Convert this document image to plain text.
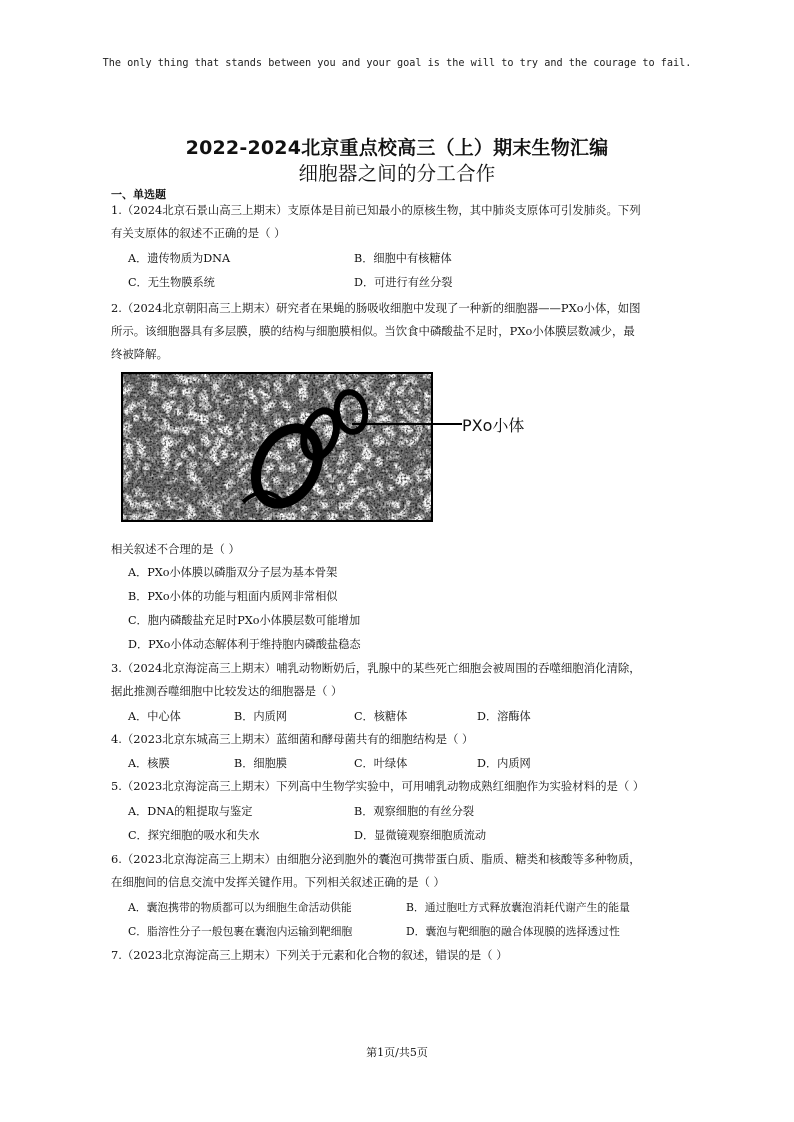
The only thing that stands between you and your goal is the will to try and the courage to fail.
2022-2024北京重点校高三（上）期末生物汇编
细胞器之间的分工合作
一、单选题
1.（2024北京石景山高三上期末）支原体是目前已知最小的原核生物，其中肺炎支原体可引发肺炎。下列
有关支原体的叙述不正确的是（ ）
A．遗传物质为DNA	B．细胞中有核糖体
C．无生物膜系统	D．可进行有丝分裂
2.（2024北京朝阳高三上期末）研究者在果蝇的肠吸收细胞中发现了一种新的细胞器——PXo小体，如图
所示。该细胞器具有多层膜，膜的结构与细胞膜相似。当饮食中磷酸盐不足时，PXo小体膜层数减少，最
终被降解。
PXo小体
相关叙述不合理的是（ ）
A．PXo小体膜以磷脂双分子层为基本骨架
B．PXo小体的功能与粗面内质网非常相似
C．胞内磷酸盐充足时PXo小体膜层数可能增加
D．PXo小体动态解体利于维持胞内磷酸盐稳态
3.（2024北京海淀高三上期末）哺乳动物断奶后，乳腺中的某些死亡细胞会被周围的吞噬细胞消化清除，
据此推测吞噬细胞中比较发达的细胞器是（ ）
A．中心体	B．内质网	C．核糖体	D．溶酶体
4.（2023北京东城高三上期末）蓝细菌和酵母菌共有的细胞结构是（ ）
A．核膜	B．细胞膜	C．叶绿体	D．内质网
5.（2023北京海淀高三上期末）下列高中生物学实验中，可用哺乳动物成熟红细胞作为实验材料的是（ ）
A．DNA的粗提取与鉴定	B．观察细胞的有丝分裂
C．探究细胞的吸水和失水	D．显微镜观察细胞质流动
6.（2023北京海淀高三上期末）由细胞分泌到胞外的囊泡可携带蛋白质、脂质、糖类和核酸等多种物质，
在细胞间的信息交流中发挥关键作用。下列相关叙述正确的是（ ）
A．囊泡携带的物质都可以为细胞生命活动供能	B．通过胞吐方式释放囊泡消耗代谢产生的能量
C．脂溶性分子一般包裹在囊泡内运输到靶细胞	D．囊泡与靶细胞的融合体现膜的选择透过性
7.（2023北京海淀高三上期末）下列关于元素和化合物的叙述，错误的是（ ）
第1页/共5页
